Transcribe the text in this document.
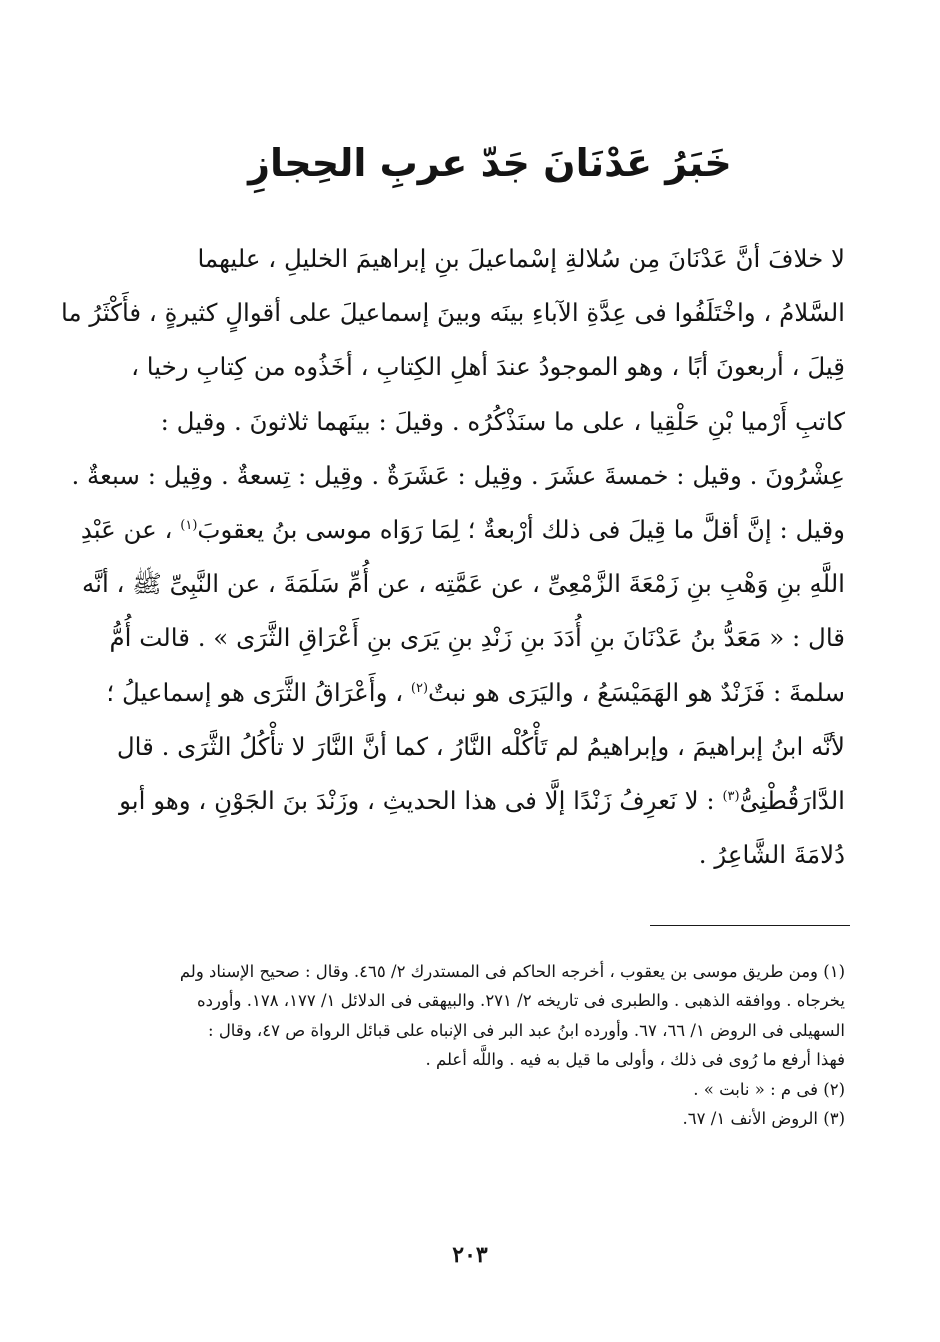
خَبَرُ عَدْنَانَ جَدّ عربِ الحِجازِ
لا خلافَ أنَّ عَدْنَانَ مِن سُلالةِ إسْماعيلَ بنِ إبراهيمَ الخليلِ ، عليهما
السَّلامُ ، واخْتَلَفُوا فى عِدَّةِ الآباءِ بينَه وبينَ إسماعيلَ على أقوالٍ كثيرةٍ ، فأَكْثَرُ ما
قِيلَ ، أربعونَ أبًا ، وهو الموجودُ عندَ أهلِ الكِتابِ ، أخَذُوه من كِتابِ رخيا ،
كاتبِ أَرْميا بْنِ حَلْقِيا ، على ما سنَذْكُرُه . وقيلَ : بينَهما ثلاثونَ . وقيل :
عِشْرُونَ . وقيل : خمسةَ عشَرَ . وقِيل : عَشَرَةٌ . وقِيل : تِسعةٌ . وقِيل : سبعةٌ .
وقيل : إنَّ أقلَّ ما قِيلَ فى ذلك أرْبعةٌ ؛ لِمَا رَوَاه موسى بنُ يعقوبَ$^{(١)}$ ، عن عَبْدِ
اللَّهِ بنِ وَهْبِ بنِ زَمْعَةَ الزَّمْعِىِّ ، عن عَمَّتِه ، عن أُمِّ سَلَمَةَ ، عن النَّبِىِّ ﷺ ، أنَّه
قال : « مَعَدُّ بنُ عَدْنَانَ بنِ أُدَدَ بنِ زَنْدِ بنِ يَرَى بنِ أَعْرَاقِ الثَّرَى » . قالت أُمُّ
سلمةَ : فَزَنْدٌ هو الهَمَيْسَعُ ، واليَرَى هو نبتٌ$^{(٢)}$ ، وأَعْرَاقُ الثَّرَى هو إسماعيلُ ؛
لأنَّه ابنُ إبراهيمَ ، وإبراهيمُ لم تَأْكُلْه النَّارُ ، كما أنَّ النَّارَ لا تأْكُلُ الثَّرَى . قال
الدَّارَقُطْنِىُّ$^{(٣)}$ : لا نَعرِفُ زَنْدًا إلَّا فى هذا الحديثِ ، وزَنْدَ بنَ الجَوْنِ ، وهو أبو
دُلامَةَ الشَّاعِرُ .
(١) ومن طريق موسى بن يعقوب ، أخرجه الحاكم فى المستدرك ٢/ ٤٦٥. وقال : صحيح الإسناد ولم
يخرجاه . ووافقه الذهبى . والطبرى فى تاريخه ٢/ ٢٧١. والبيهقى فى الدلائل ١/ ١٧٧، ١٧٨. وأورده
السهيلى فى الروض ١/ ٦٦، ٦٧. وأورده ابنُ عبد البر فى الإنباه على قبائل الرواة ص ٤٧، وقال :
فهذا أرفع ما رُوى فى ذلك ، وأولى ما قيل به فيه . واللَّه أعلم .
(٢) فى م : « نابت » .
(٣) الروض الأنف ١/ ٦٧.
٢٠٣
